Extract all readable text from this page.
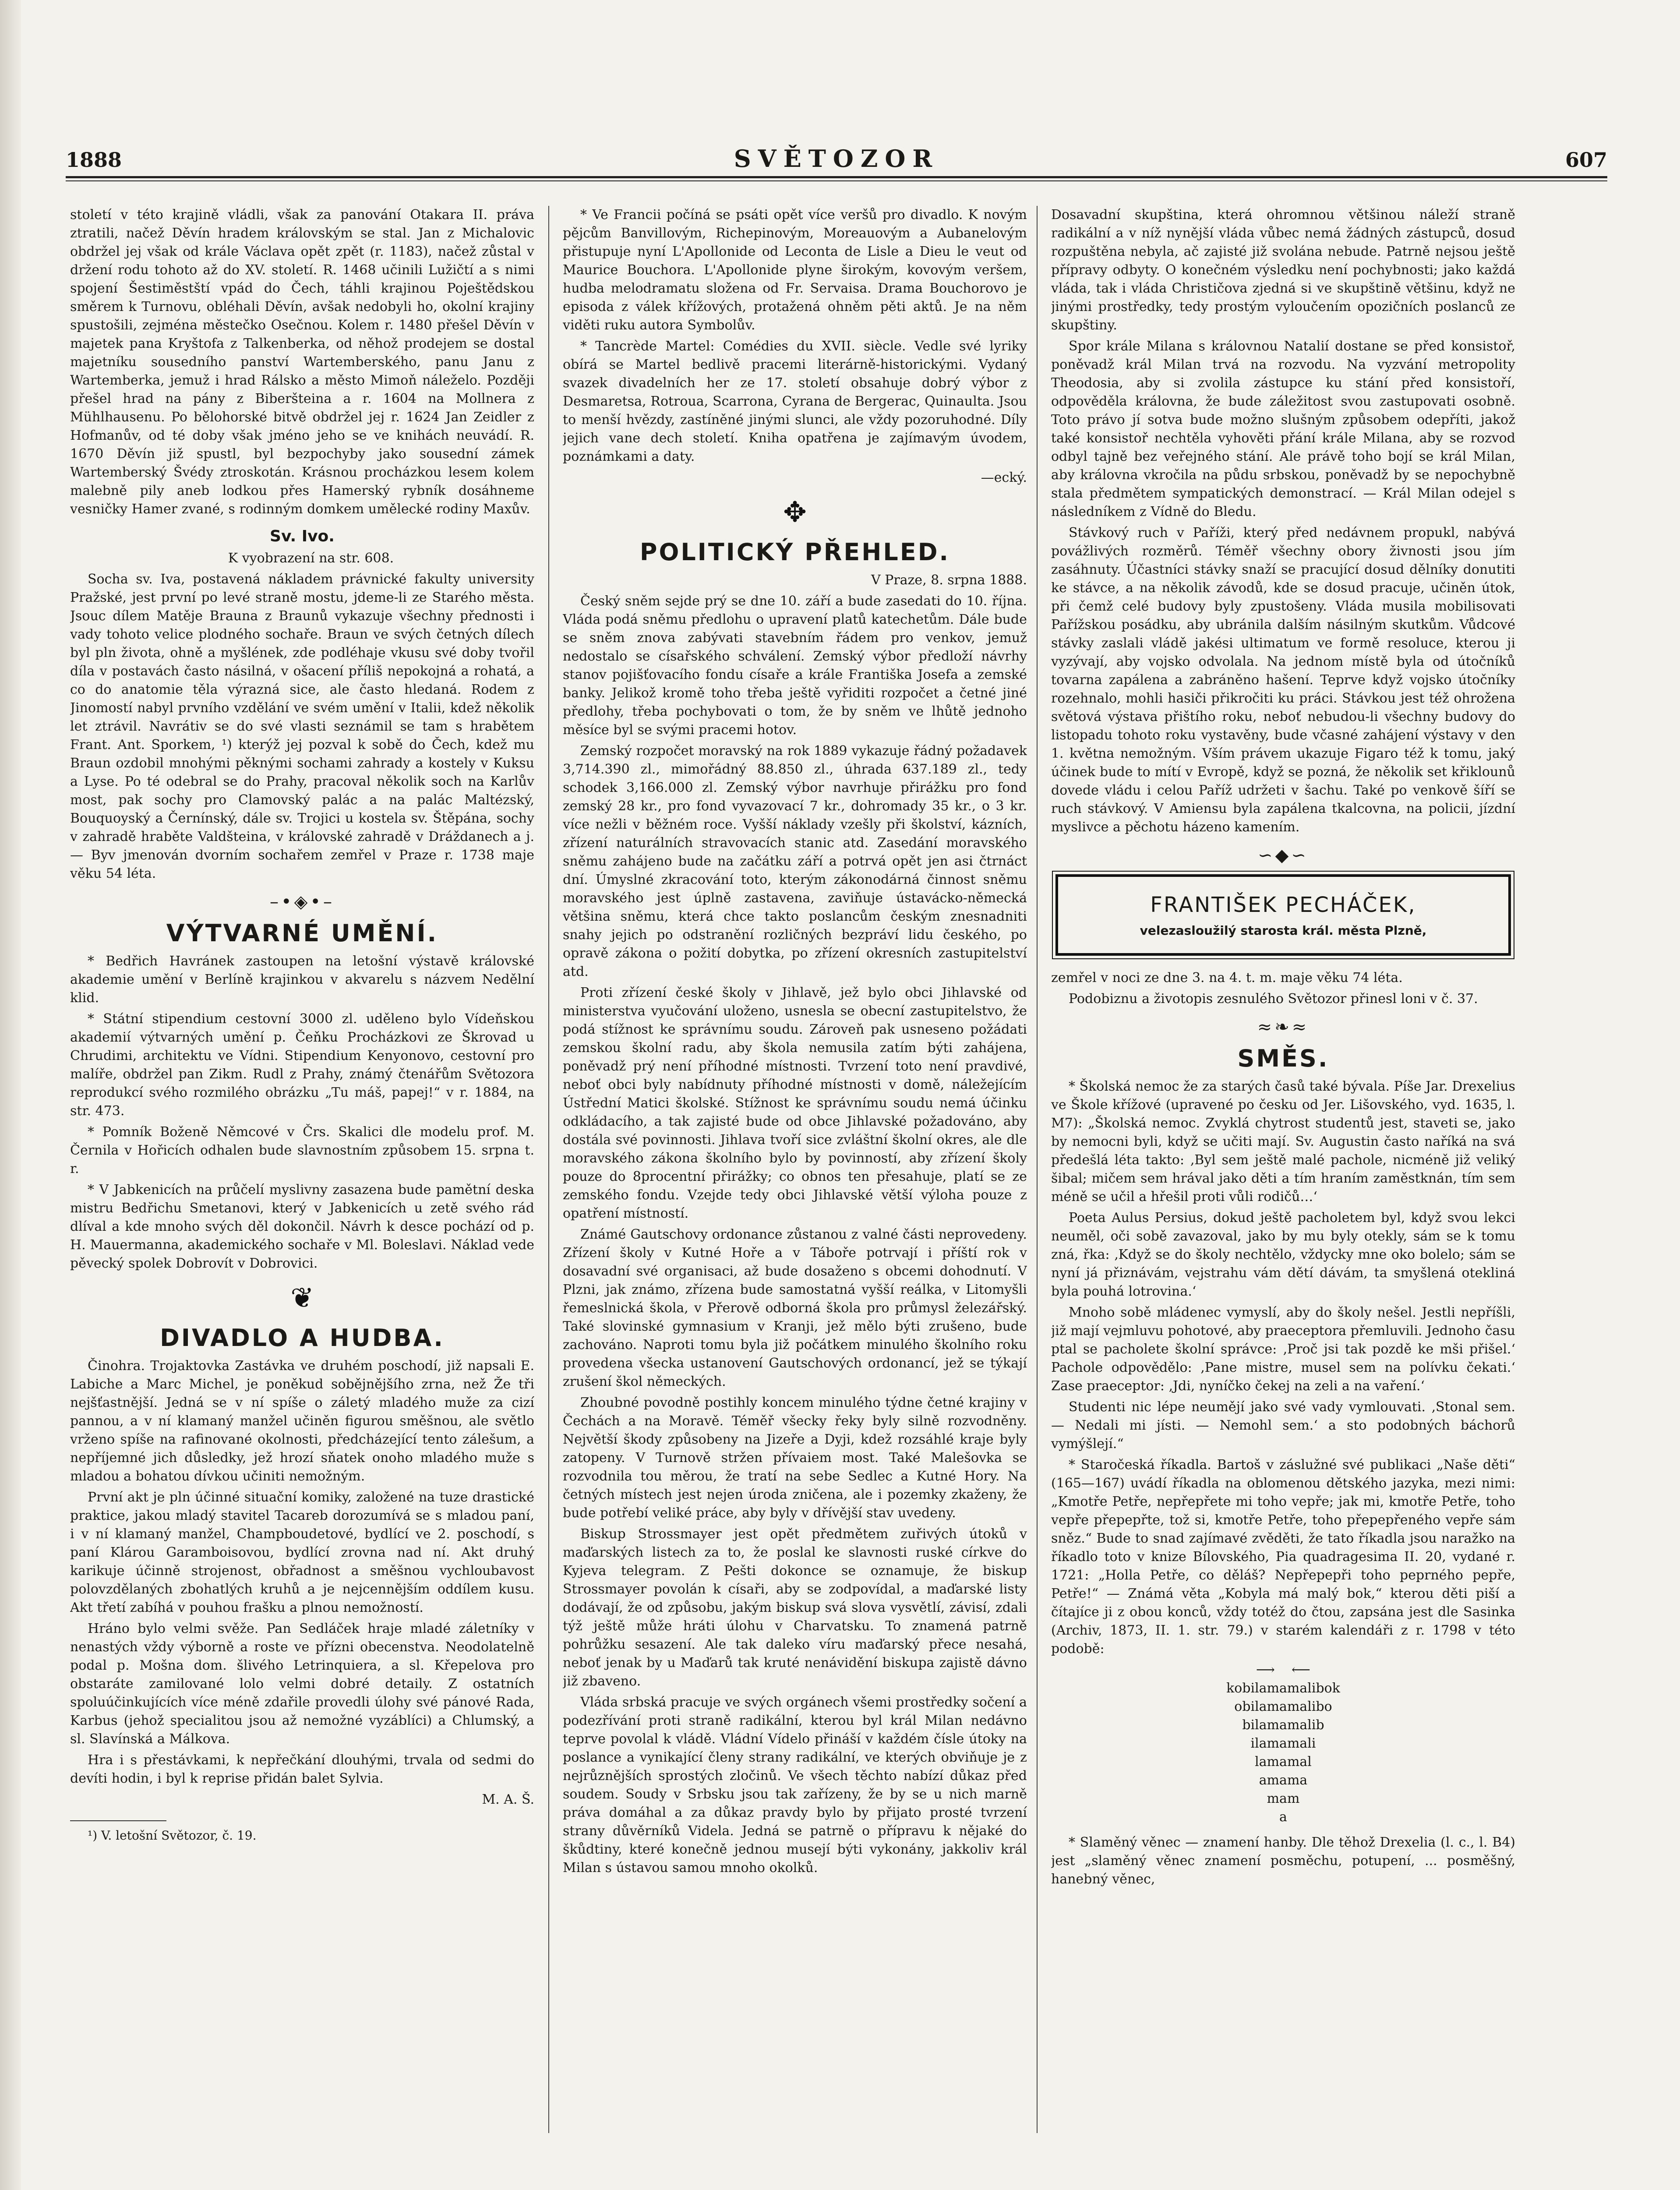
1888	SVĚTOZOR	607

století v této krajině vládli, však za panování Otakara II. práva ztratili, načež Děvín hradem královským se stal. Jan z Michalovic obdržel jej však od krále Václava opět zpět (r. 1183), načež zůstal v držení rodu tohoto až do XV. století. R. 1468 učinili Lužičtí a s nimi spojení Šestiměstští vpád do Čech, táhli krajinou Poještědskou směrem k Turnovu, obléhali Děvín, avšak nedobyli ho, okolní krajiny spustošili, zejména městečko Osečnou. Kolem r. 1480 přešel Děvín v majetek pana Kryštofa z Talkenberka, od něhož prodejem se dostal majetníku sousedního panství Wartemberského, panu Janu z Wartemberka, jemuž i hrad Rálsko a město Mimoň náleželo. Později přešel hrad na pány z Biberšteina a r. 1604 na Mollnera z Mühlhausenu. Po bělohorské bitvě obdržel jej r. 1624 Jan Zeidler z Hofmanův, od té doby však jméno jeho se ve knihách neuvádí. R. 1670 Děvín již spustl, byl bezpochyby jako sousední zámek Wartemberský Švédy ztroskotán. Krásnou procházkou lesem kolem malebně pily aneb lodkou přes Hamerský rybník dosáhneme vesničky Hamer zvané, s rodinným domkem umělecké rodiny Maxův.

Sv. Ivo.

K vyobrazení na str. 608.

Socha sv. Iva, postavená nákladem právnické fakulty university Pražské, jest první po levé straně mostu, jdeme-li ze Starého města. Jsouc dílem Matěje Brauna z Braunů vykazuje všechny přednosti i vady tohoto velice plodného sochaře. Braun ve svých četných dílech byl pln života, ohně a myšlének, zde podléhaje vkusu své doby tvořil díla v postavách často násilná, v ošacení příliš nepokojná a rohatá, a co do anatomie těla výrazná sice, ale často hledaná. Rodem z Jinomostí nabyl prvního vzdělání ve svém umění v Italii, kdež několik let ztrávil. Navrátiv se do své vlasti seznámil se tam s hrabětem Frant. Ant. Sporkem, ¹) kterýž jej pozval k sobě do Čech, kdež mu Braun ozdobil mnohými pěknými sochami zahrady a kostely v Kuksu a Lyse. Po té odebral se do Prahy, pracoval několik soch na Karlův most, pak sochy pro Clamovský palác a na palác Maltézský, Bouquoyský a Černínský, dále sv. Trojici u kostela sv. Štěpána, sochy v zahradě hraběte Valdšteina, v královské zahradě v Dráždanech a j. — Byv jmenován dvorním sochařem zemřel v Praze r. 1738 maje věku 54 léta.

–•◈•–
VÝTVARNÉ UMĚNÍ.

* Bedřich Havránek zastoupen na letošní výstavě královské akademie umění v Berlíně krajinkou v akvarelu s názvem Nedělní klid.

* Státní stipendium cestovní 3000 zl. uděleno bylo Vídeňskou akademií výtvarných umění p. Čeňku Procházkovi ze Škrovad u Chrudimi, architektu ve Vídni. Stipendium Kenyonovo, cestovní pro malíře, obdržel pan Zikm. Rudl z Prahy, známý čtenářům Světozora reprodukcí svého rozmilého obrázku „Tu máš, papej!“ v r. 1884, na str. 473.

* Pomník Boženě Němcové v Črs. Skalici dle modelu prof. M. Černila v Hořicích odhalen bude slavnostním způsobem 15. srpna t. r.

* V Jabkenicích na průčelí myslivny zasazena bude pamětní deska mistru Bedřichu Smetanovi, který v Jabkenicích u zetě svého rád dlíval a kde mnoho svých děl dokončil. Návrh k desce pochází od p. H. Mauermanna, akademického sochaře v Ml. Boleslavi. Náklad vede pěvecký spolek Dobrovít v Dobrovici.

❦
DIVADLO A HUDBA.

Činohra. Trojaktovka Zastávka ve druhém poschodí, již napsali E. Labiche a Marc Michel, je poněkud sobějnějšího zrna, než Že tři nejšťastnější. Jedná se v ní spíše o záletý mladého muže za cizí pannou, a v ní klamaný manžel učiněn figurou směšnou, ale světlo vrženo spíše na rafinované okolnosti, předcházející tento zálešum, a nepříjemné jich důsledky, jež hrozí sňatek onoho mladého muže s mladou a bohatou dívkou učiniti nemožným.

První akt je pln účinné situační komiky, založené na tuze drastické praktice, jakou mladý stavitel Tacareb dorozumívá se s mladou paní, i v ní klamaný manžel, Champboudetové, bydlící ve 2. poschodí, s paní Klárou Garamboisovou, bydlící zrovna nad ní. Akt druhý karikuje účinně strojenost, obřadnost a směšnou vychloubavost polovzdělaných zbohatlých kruhů a je nejcennějším oddílem kusu. Akt třetí zabíhá v pouhou frašku a plnou nemožností.

Hráno bylo velmi svěže. Pan Sedláček hraje mladé záletníky v nenastých vždy výborně a roste ve přízni obecenstva. Neodolatelně podal p. Mošna dom. šlivého Letrinquiera, a sl. Křepelova pro obstaráte zamilované lolo velmi dobré detaily. Z ostatních spoluúčinkujících více méně zdařile provedli úlohy své pánové Rada, Karbus (jehož specialitou jsou až nemožné vyzáblíci) a Chlumský, a sl. Slavínská a Málkova.

Hra i s přestávkami, k nepřečkání dlouhými, trvala od sedmi do devíti hodin, i byl k reprise přidán balet Sylvia.

M. A. Š.

¹) V. letošní Světozor, č. 19.

* Ve Francii počíná se psáti opět více veršů pro divadlo. K novým pějcům Banvillovým, Richepinovým, Moreauovým a Aubanelovým přistupuje nyní L'Apollonide od Leconta de Lisle a Dieu le veut od Maurice Bouchora. L'Apollonide plyne širokým, kovovým veršem, hudba melodramatu složena od Fr. Servaisa. Drama Bouchorovo je episoda z válek křížových, protažená ohněm pěti aktů. Je na něm viděti ruku autora Symbolův.

* Tancrède Martel: Comédies du XVII. siècle. Vedle své lyriky obírá se Martel bedlivě pracemi literárně-historickými. Vydaný svazek divadelních her ze 17. století obsahuje dobrý výbor z Desmaretsa, Rotroua, Scarrona, Cyrana de Bergerac, Quinaulta. Jsou to menší hvězdy, zastíněné jinými slunci, ale vždy pozoruhodné. Díly jejich vane dech století. Kniha opatřena je zajímavým úvodem, poznámkami a daty.

—ecký.

✥
POLITICKÝ PŘEHLED.

V Praze, 8. srpna 1888.

Český sněm sejde prý se dne 10. září a bude zasedati do 10. října. Vláda podá sněmu předlohu o upravení platů katechetům. Dále bude se sněm znova zabývati stavebním řádem pro venkov, jemuž nedostalo se císařského schválení. Zemský výbor předloží návrhy stanov pojišťovacího fondu císaře a krále Františka Josefa a zemské banky. Jelikož kromě toho třeba ještě vyřiditi rozpočet a četné jiné předlohy, třeba pochybovati o tom, že by sněm ve lhůtě jednoho měsíce byl se svými pracemi hotov.

Zemský rozpočet moravský na rok 1889 vykazuje řádný požadavek 3,714.390 zl., mimořádný 88.850 zl., úhrada 637.189 zl., tedy schodek 3,166.000 zl. Zemský výbor navrhuje přirážku pro fond zemský 28 kr., pro fond vyvazovací 7 kr., dohromady 35 kr., o 3 kr. více nežli v běžném roce. Vyšší náklady vzešly při školství, kázních, zřízení naturálních stravovacích stanic atd. Zasedání moravského sněmu zahájeno bude na začátku září a potrvá opět jen asi čtrnáct dní. Úmyslné zkracování toto, kterým zákonodárná činnost sněmu moravského jest úplně zastavena, zaviňuje ústavácko-německá většina sněmu, která chce takto poslancům českým znesnadniti snahy jejich po odstranění rozličných bezpráví lidu českého, po opravě zákona o požití dobytka, po zřízení okresních zastupitelství atd.

Proti zřízení české školy v Jihlavě, jež bylo obci Jihlavské od ministerstva vyučování uloženo, usnesla se obecní zastupitelstvo, že podá stížnost ke správnímu soudu. Zároveň pak usneseno požádati zemskou školní radu, aby škola nemusila zatím býti zahájena, poněvadž prý není příhodné místnosti. Tvrzení toto není pravdivé, neboť obci byly nabídnuty příhodné místnosti v domě, náležejícím Ústřední Matici školské. Stížnost ke správnímu soudu nemá účinku odkládacího, a tak zajisté bude od obce Jihlavské požadováno, aby dostála své povinnosti. Jihlava tvoří sice zvláštní školní okres, ale dle moravského zákona školního bylo by povinností, aby zřízení školy pouze do 8procentní přirážky; co obnos ten přesahuje, platí se ze zemského fondu. Vzejde tedy obci Jihlavské větší výloha pouze z opatření místností.

Známé Gautschovy ordonance zůstanou z valné části neprovedeny. Zřízení školy v Kutné Hoře a v Táboře potrvají i příští rok v dosavadní své organisaci, až bude dosaženo s obcemi dohodnutí. V Plzni, jak známo, zřízena bude samostatná vyšší reálka, v Litomyšli řemeslnická škola, v Přerově odborná škola pro průmysl železářský. Také slovinské gymnasium v Kranji, jež mělo býti zrušeno, bude zachováno. Naproti tomu byla již počátkem minulého školního roku provedena všecka ustanovení Gautschových ordonancí, jež se týkají zrušení škol německých.

Zhoubné povodně postihly koncem minulého týdne četné krajiny v Čechách a na Moravě. Téměř všecky řeky byly silně rozvodněny. Největší škody způsobeny na Jizeře a Dyji, kdež rozsáhlé kraje byly zatopeny. V Turnově stržen přívaiem most. Také Malešovka se rozvodnila tou měrou, že tratí na sebe Sedlec a Kutné Hory. Na četných místech jest nejen úroda zničena, ale i pozemky zkaženy, že bude potřebí veliké práce, aby byly v dřívější stav uvedeny.

Biskup Strossmayer jest opět předmětem zuřivých útoků v maďarských listech za to, že poslal ke slavnosti ruské církve do Kyjeva telegram. Z Pešti dokonce se oznamuje, že biskup Strossmayer povolán k císaři, aby se zodpovídal, a maďarské listy dodávají, že od způsobu, jakým biskup svá slova vysvětlí, závisí, zdali týž ještě může hráti úlohu v Charvatsku. To znamená patrně pohrůžku sesazení. Ale tak daleko víru maďarský přece nesahá, neboť jenak by u Maďarů tak kruté nenávidění biskupa zajistě dávno již zbaveno.

Vláda srbská pracuje ve svých orgánech všemi prostředky sočení a podezřívání proti straně radikální, kterou byl král Milan nedávno teprve povolal k vládě. Vládní Vídelo přináší v každém čísle útoky na poslance a vynikající členy strany radikální, ve kterých obviňuje je z nejrůznějších sprostých zločinů. Ve všech těchto nabízí důkaz před soudem. Soudy v Srbsku jsou tak zařízeny, že by se u nich marně práva domáhal a za důkaz pravdy bylo by přijato prosté tvrzení strany důvěrníků Videla. Jedná se patrně o přípravu k nějaké do škůdtiny, které konečně jednou musejí býti vykonány, jakkoliv král Milan s ústavou samou mnoho okolků.

Dosavadní skupština, která ohromnou většinou náleží straně radikální a v níž nynější vláda vůbec nemá žádných zástupců, dosud rozpuštěna nebyla, ač zajisté již svolána nebude. Patrně nejsou ještě přípravy odbyty. O konečném výsledku není pochybnosti; jako každá vláda, tak i vláda Christičova zjedná si ve skupštině většinu, když ne jinými prostředky, tedy prostým vyloučením opozičních poslanců ze skupštiny.

Spor krále Milana s královnou Natalií dostane se před konsistoř, poněvadž král Milan trvá na rozvodu. Na vyzvání metropolity Theodosia, aby si zvolila zástupce ku stání před konsistoří, odpověděla královna, že bude záležitost svou zastupovati osobně. Toto právo jí sotva bude možno slušným způsobem odepříti, jakož také konsistoř nechtěla vyhověti přání krále Milana, aby se rozvod odbyl tajně bez veřejného stání. Ale právě toho bojí se král Milan, aby královna vkročila na půdu srbskou, poněvadž by se nepochybně stala předmětem sympatických demonstrací. — Král Milan odejel s následníkem z Vídně do Bledu.

Stávkový ruch v Paříži, který před nedávnem propukl, nabývá povážlivých rozměrů. Téměř všechny obory živnosti jsou jím zasáhnuty. Účastníci stávky snaží se pracující dosud dělníky donutiti ke stávce, a na několik závodů, kde se dosud pracuje, učiněn útok, při čemž celé budovy byly zpustošeny. Vláda musila mobilisovati Pařížskou posádku, aby ubránila dalším násilným skutkům. Vůdcové stávky zaslali vládě jakési ultimatum ve formě resoluce, kterou ji vyzývají, aby vojsko odvolala. Na jednom místě byla od útočníků tovarna zapálena a zabráněno hašení. Teprve když vojsko útočníky rozehnalo, mohli hasiči přikročiti ku práci. Stávkou jest též ohrožena světová výstava přištího roku, neboť nebudou-li všechny budovy do listopadu tohoto roku vystavěny, bude včasné zahájení výstavy v den 1. května nemožným. Vším právem ukazuje Figaro též k tomu, jaký účinek bude to mítí v Evropě, když se pozná, že několik set křiklounů dovede vládu i celou Paříž udržeti v šachu. Také po venkově šíří se ruch stávkový. V Amiensu byla zapálena tkalcovna, na policii, jízdní myslivce a pěchotu házeno kamením.

∽◆∽
FRANTIŠEK PECHÁČEK,
velezasloužilý starosta král. města Plzně,

zemřel v noci ze dne 3. na 4. t. m. maje věku 74 léta.

Podobiznu a životopis zesnulého Světozor přinesl loni v č. 37.

≈❧≈
SMĚS.

* Školská nemoc že za starých časů také bývala. Píše Jar. Drexelius ve Škole křížové (upravené po česku od Jer. Lišovského, vyd. 1635, l. M7): „Školská nemoc. Zvyklá chytrost studentů jest, staveti se, jako by nemocni byli, když se učiti mají. Sv. Augustin často naříká na svá předešlá léta takto: ‚Byl sem ještě malé pachole, nicméně již veliký šibal; mičem sem hrával jako děti a tím hraním zaměstknán, tím sem méně se učil a hřešil proti vůli rodičů…‘

Poeta Aulus Persius, dokud ještě pacholetem byl, když svou lekci neuměl, oči sobě zavazoval, jako by mu byly otekly, sám se k tomu zná, řka: ‚Když se do školy nechtělo, vždycky mne oko bolelo; sám se nyní já přiznávám, vejstrahu vám dětí dávám, ta smyšlená otekliná byla pouhá lotrovina.‘

Mnoho sobě mládenec vymyslí, aby do školy nešel. Jestli nepříšli, již mají vejmluvu pohotové, aby praeceptora přemluvili. Jednoho času ptal se pacholete školní správce: ‚Proč jsi tak pozdě ke mši přišel.‘ Pachole odpovědělo: ‚Pane mistre, musel sem na polívku čekati.‘ Zase praeceptor: ‚Jdi, nyníčko čekej na zeli a na vaření.‘

Studenti nic lépe neumějí jako své vady vymlouvati. ‚Stonal sem. — Nedali mi jísti. — Nemohl sem.‘ a sto podobných báchorů vymýšlejí.“

* Staročeská říkadla. Bartoš v záslužné své publikaci „Naše děti“ (165—167) uvádí říkadla na oblomenou dětského jazyka, mezi nimi: „Kmotře Petře, nepřepřete mi toho vepře; jak mi, kmotře Petře, toho vepře přepepřte, tož si, kmotře Petře, toho přepepřeného vepře sám sněz.“ Bude to snad zajímavé zvěděti, že tato říkadla jsou naražko na říkadlo toto v knize Bílovského, Pia quadragesima II. 20, vydané r. 1721: „Holla Petře, co děláš? Nepřepepři toho peprného pepře, Petře!“ — Známá věta „Kobyla má malý bok,“ kterou děti piší a čítajíce ji z obou konců, vždy totéž do čtou, zapsána jest dle Sasinka (Archiv, 1873, II. 1. str. 79.) v starém kalendáři z r. 1798 v této podobě:

⟶    ⟵
kobilamamalibok
obilamamalibo
bilamamalib
ilamamali
lamamal
amama
mam
a

* Slaměný věnec — znamení hanby. Dle těhož Drexelia (l. c., l. B4) jest „slaměný věnec znamení posměchu, potupení, ... posměšný, hanebný věnec,
